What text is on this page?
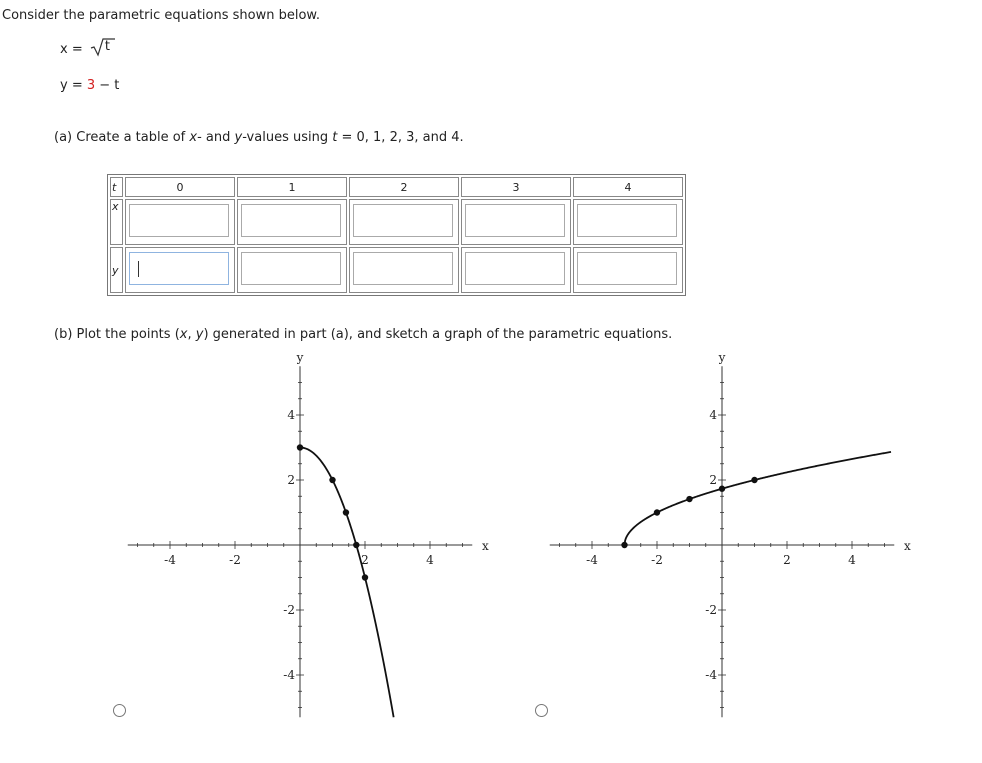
Consider the parametric equations shown below.
x = t
y = 3 − t
(a) Create a table of x- and y-values using t = 0, 1, 2, 3, and 4.
t	0	1	2	3	4
x	

y	

(b) Plot the points (x, y) generated in part (a), and sketch a graph of the parametric equations.
-4	-2	2	4
4
2
-2
-4
x
y
-4	-2	2	4
4
2
-2
-4
x
y
